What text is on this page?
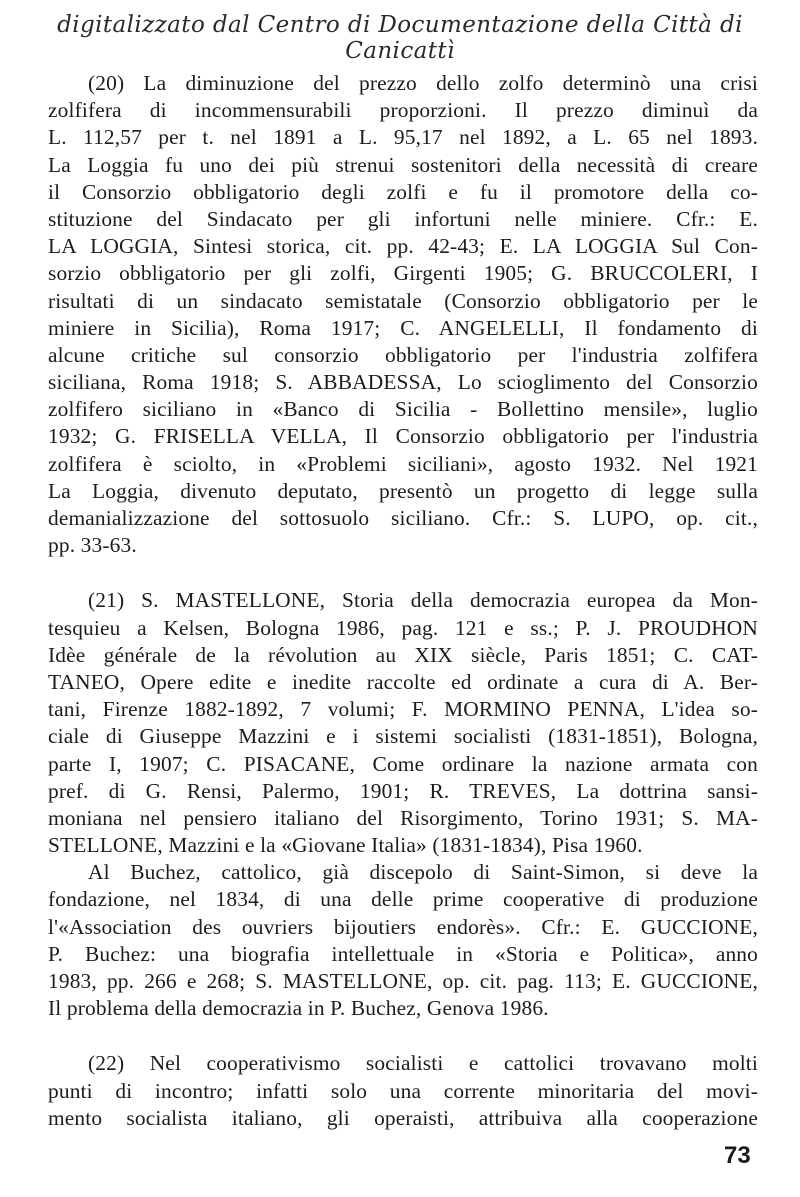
digitalizzato dal Centro di Documentazione della Città di Canicattì
(20) La diminuzione del prezzo dello zolfo determinò una crisi
zolfifera di incommensurabili proporzioni. Il prezzo diminuì da
L. 112,57 per t. nel 1891 a L. 95,17 nel 1892, a L. 65 nel 1893.
La Loggia fu uno dei più strenui sostenitori della necessità di creare
il Consorzio obbligatorio degli zolfi e fu il promotore della co-
stituzione del Sindacato per gli infortuni nelle miniere. Cfr.: E.
LA LOGGIA, Sintesi storica, cit. pp. 42-43; E. LA LOGGIA Sul Con-
sorzio obbligatorio per gli zolfi, Girgenti 1905; G. BRUCCOLERI, I
risultati di un sindacato semistatale (Consorzio obbligatorio per le
miniere in Sicilia), Roma 1917; C. ANGELELLI, Il fondamento di
alcune critiche sul consorzio obbligatorio per l'industria zolfifera
siciliana, Roma 1918; S. ABBADESSA, Lo scioglimento del Consorzio
zolfifero siciliano in «Banco di Sicilia - Bollettino mensile», luglio
1932; G. FRISELLA VELLA, Il Consorzio obbligatorio per l'industria
zolfifera è sciolto, in «Problemi siciliani», agosto 1932. Nel 1921
La Loggia, divenuto deputato, presentò un progetto di legge sulla
demanializzazione del sottosuolo siciliano. Cfr.: S. LUPO, op. cit.,
pp. 33-63.
(21) S. MASTELLONE, Storia della democrazia europea da Mon-
tesquieu a Kelsen, Bologna 1986, pag. 121 e ss.; P. J. PROUDHON
Idèe générale de la révolution au XIX siècle, Paris 1851; C. CAT-
TANEO, Opere edite e inedite raccolte ed ordinate a cura di A. Ber-
tani, Firenze 1882-1892, 7 volumi; F. MORMINO PENNA, L'idea so-
ciale di Giuseppe Mazzini e i sistemi socialisti (1831-1851), Bologna,
parte I, 1907; C. PISACANE, Come ordinare la nazione armata con
pref. di G. Rensi, Palermo, 1901; R. TREVES, La dottrina sansi-
moniana nel pensiero italiano del Risorgimento, Torino 1931; S. MA-
STELLONE, Mazzini e la «Giovane Italia» (1831-1834), Pisa 1960.
Al Buchez, cattolico, già discepolo di Saint-Simon, si deve la
fondazione, nel 1834, di una delle prime cooperative di produzione
l'«Association des ouvriers bijoutiers endorès». Cfr.: E. GUCCIONE,
P. Buchez: una biografia intellettuale in «Storia e Politica», anno
1983, pp. 266 e 268; S. MASTELLONE, op. cit. pag. 113; E. GUCCIONE,
Il problema della democrazia in P. Buchez, Genova 1986.
(22) Nel cooperativismo socialisti e cattolici trovavano molti
punti di incontro; infatti solo una corrente minoritaria del movi-
mento socialista italiano, gli operaisti, attribuiva alla cooperazione
73
